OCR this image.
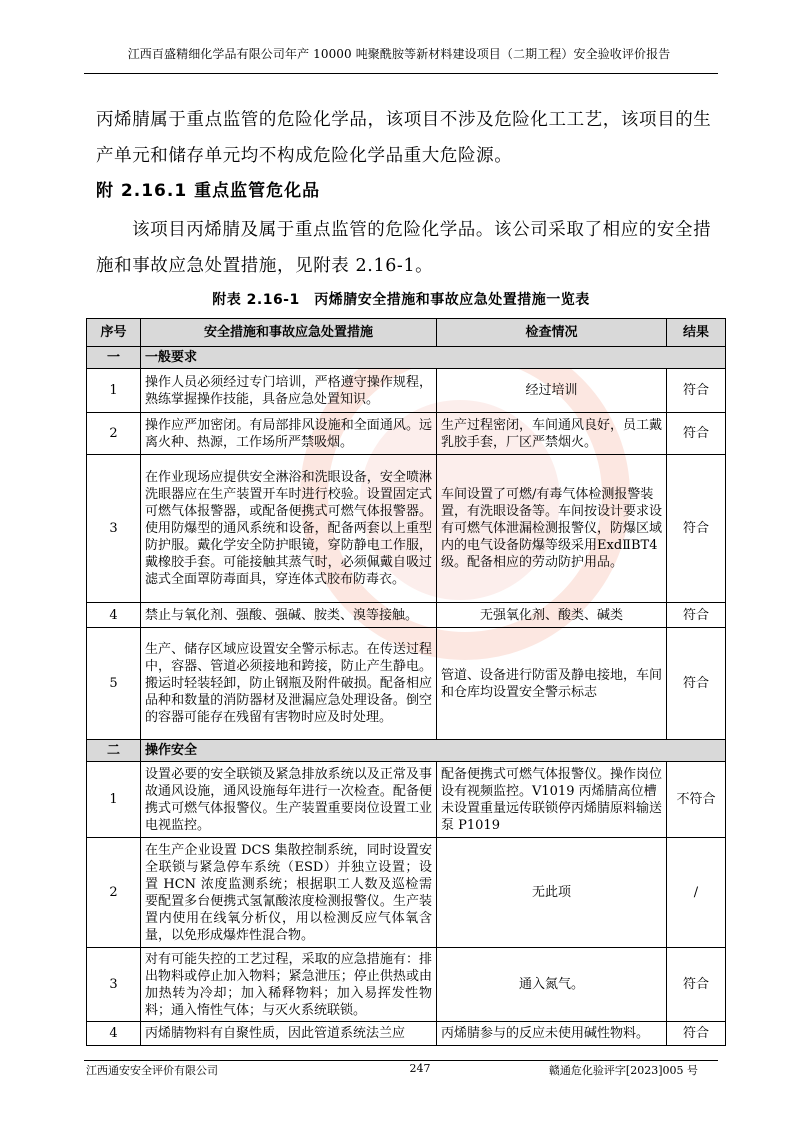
江西百盛精细化学品有限公司年产 10000 吨聚酰胺等新材料建设项目（二期工程）安全验收评价报告

丙烯腈属于重点监管的危险化学品，该项目不涉及危险化工工艺，该项目的生产单元和储存单元均不构成危险化学品重大危险源。

附 2.16.1 重点监管危化品

该项目丙烯腈及属于重点监管的危险化学品。该公司采取了相应的安全措施和事故应急处置措施，见附表 2.16-1。

附表 2.16-1　丙烯腈安全措施和事故应急处置措施一览表
序号	安全措施和事故应急处置措施	检查情况	结果
一	一般要求		
1	操作人员必须经过专门培训，严格遵守操作规程，熟练掌握操作技能，具备应急处置知识。	经过培训	符合
2	操作应严加密闭。有局部排风设施和全面通风。远离火种、热源，工作场所严禁吸烟。	生产过程密闭，车间通风良好，员工戴乳胶手套，厂区严禁烟火。	符合
3	在作业现场应提供安全淋浴和洗眼设备，安全喷淋洗眼器应在生产装置开车时进行校验。设置固定式可燃气体报警器，或配备便携式可燃气体报警器。使用防爆型的通风系统和设备，配备两套以上重型防护服。戴化学安全防护眼镜，穿防静电工作服，戴橡胶手套。可能接触其蒸气时，必须佩戴自吸过滤式全面罩防毒面具，穿连体式胶布防毒衣。	车间设置了可燃/有毒气体检测报警装置，有洗眼设备等。车间按设计要求设有可燃气体泄漏检测报警仪，防爆区域内的电气设备防爆等级采用ExdⅡBT4 级。配备相应的劳动防护用品。	符合
4	禁止与氧化剂、强酸、强碱、胺类、溴等接触。	无强氧化剂、酸类、碱类	符合
5	生产、储存区域应设置安全警示标志。在传送过程中，容器、管道必须接地和跨接，防止产生静电。搬运时轻装轻卸，防止钢瓶及附件破损。配备相应品种和数量的消防器材及泄漏应急处理设备。倒空的容器可能存在残留有害物时应及时处理。	管道、设备进行防雷及静电接地，车间和仓库均设置安全警示标志	符合
二	操作安全		
1	设置必要的安全联锁及紧急排放系统以及正常及事故通风设施，通风设施每年进行一次检查。配备便携式可燃气体报警仪。生产装置重要岗位设置工业电视监控。	配备便携式可燃气体报警仪。操作岗位设有视频监控。V1019 丙烯腈高位槽未设置重量远传联锁停丙烯腈原料输送泵 P1019	不符合
2	在生产企业设置 DCS 集散控制系统，同时设置安全联锁与紧急停车系统（ESD）并独立设置；设置 HCN 浓度监测系统；根据职工人数及巡检需要配置多台便携式氢氰酸浓度检测报警仪。生产装置内使用在线氧分析仪，用以检测反应气体氧含量，以免形成爆炸性混合物。	无此项	/
3	对有可能失控的工艺过程，采取的应急措施有：排出物料或停止加入物料；紧急泄压；停止供热或由加热转为冷却；加入稀释物料；加入易挥发性物料；通入惰性气体；与灭火系统联锁。	通入氮气。	符合
4	丙烯腈物料有自聚性质，因此管道系统法兰应	丙烯腈参与的反应未使用碱性物料。	符合
江西通安安全评价有限公司	247	赣通危化验评字[2023]005 号
